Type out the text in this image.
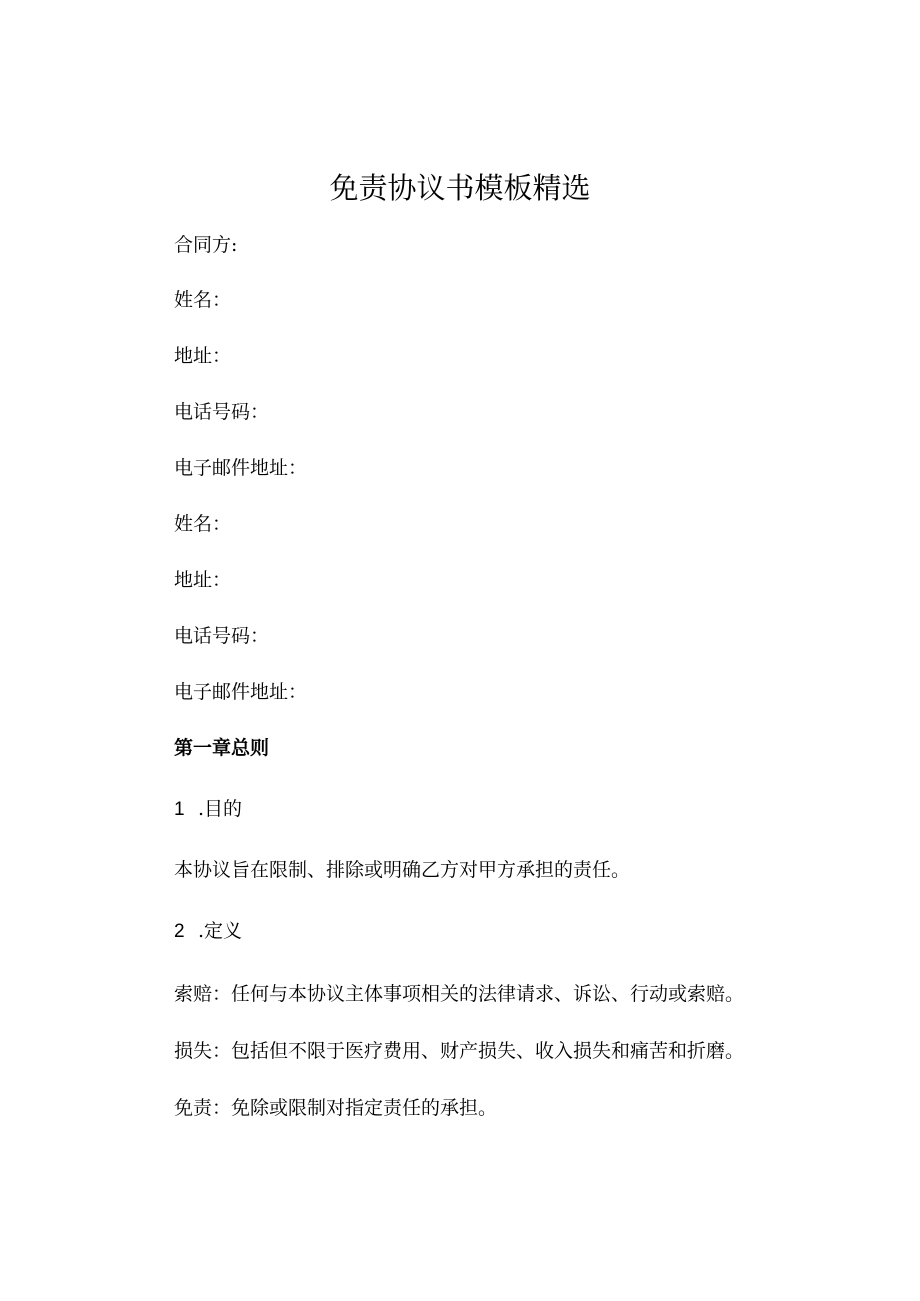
免责协议书模板精选
合同方:
姓名：
地址：
电话号码：
电子邮件地址：
姓名：
地址：
电话号码：
电子邮件地址：
第一章总则
1 .目的
本协议旨在限制、排除或明确乙方对甲方承担的责任。
2 .定义
索赔：任何与本协议主体事项相关的法律请求、诉讼、行动或索赔。
损失：包括但不限于医疗费用、财产损失、收入损失和痛苦和折磨。
免责：免除或限制对指定责任的承担。
